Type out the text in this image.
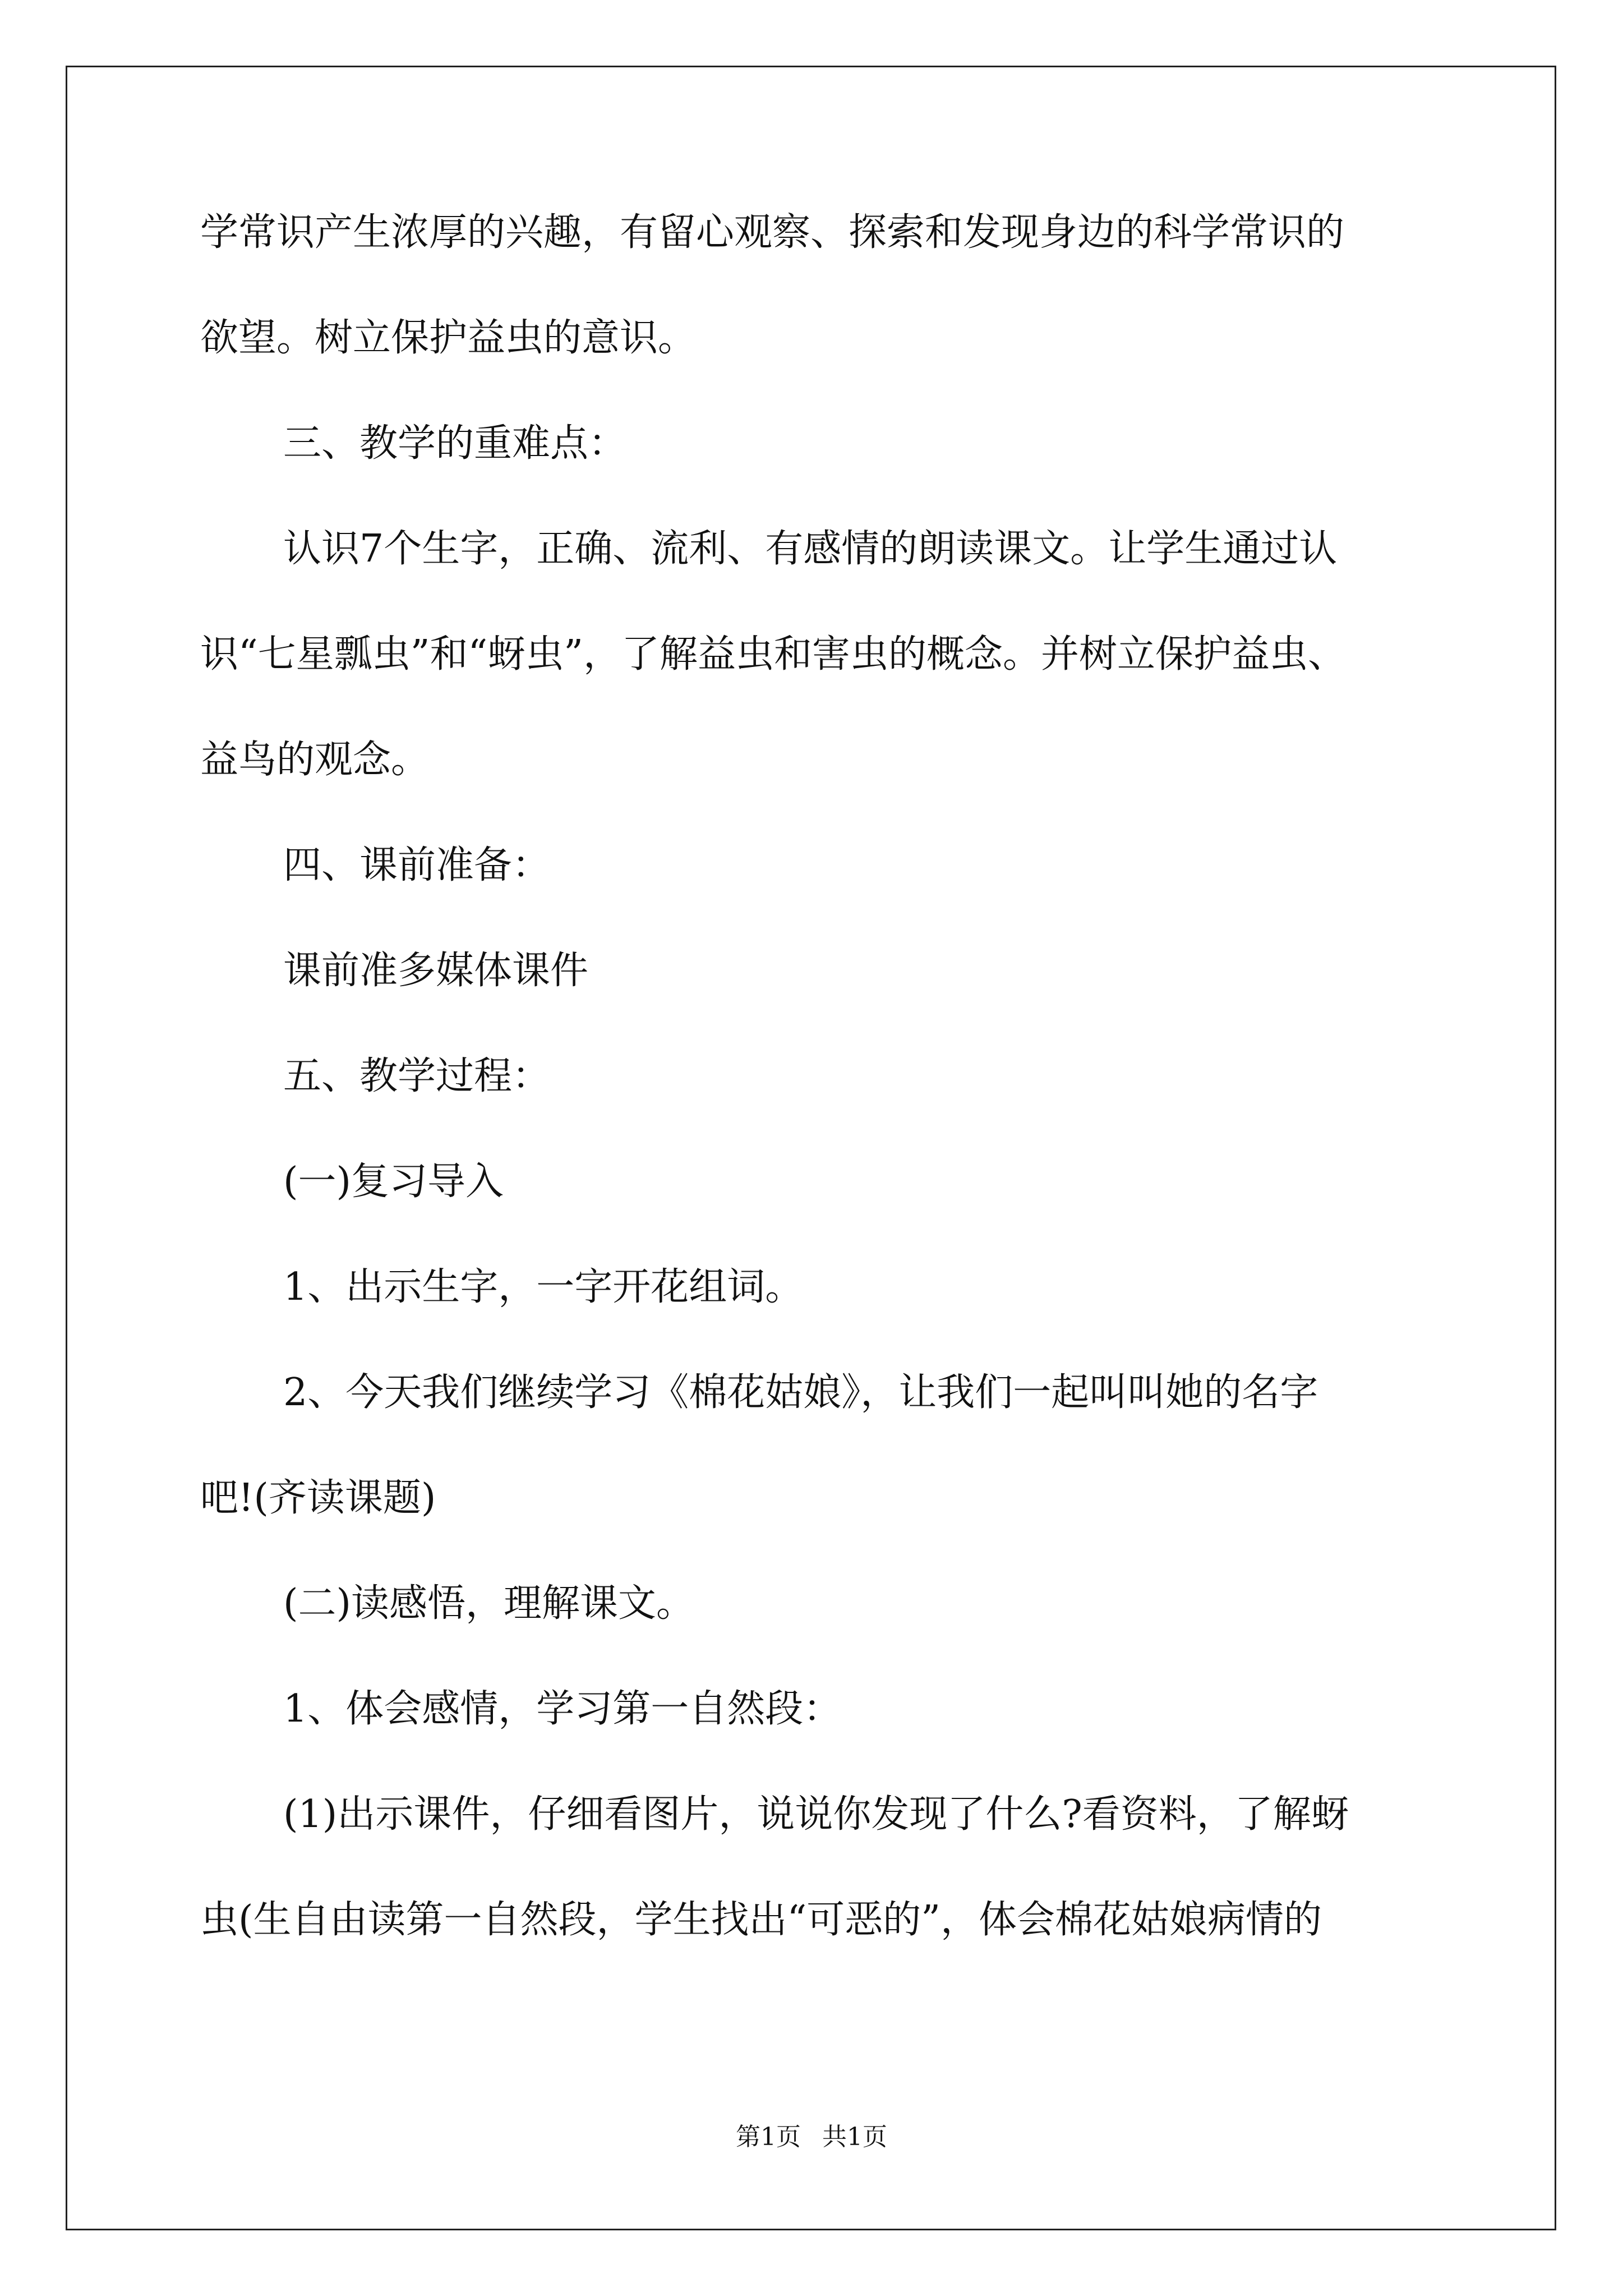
学常识产生浓厚的兴趣，有留心观察、探索和发现身边的科学常识的
欲望。树立保护益虫的意识。
三、教学的重难点：
认识7个生字，正确、流利、有感情的朗读课文。让学生通过认
识“七星瓢虫”和“蚜虫”，了解益虫和害虫的概念。并树立保护益虫、
益鸟的观念。
四、课前准备：
课前准多媒体课件
五、教学过程：
(一)复习导入
1、出示生字，一字开花组词。
2、今天我们继续学习《棉花姑娘》，让我们一起叫叫她的名字
吧!(齐读课题)
(二)读感悟，理解课文。
1、体会感情，学习第一自然段：
(1)出示课件，仔细看图片，说说你发现了什么?看资料，了解蚜
虫(生自由读第一自然段，学生找出“可恶的”，体会棉花姑娘病情的
第1页 共1页
